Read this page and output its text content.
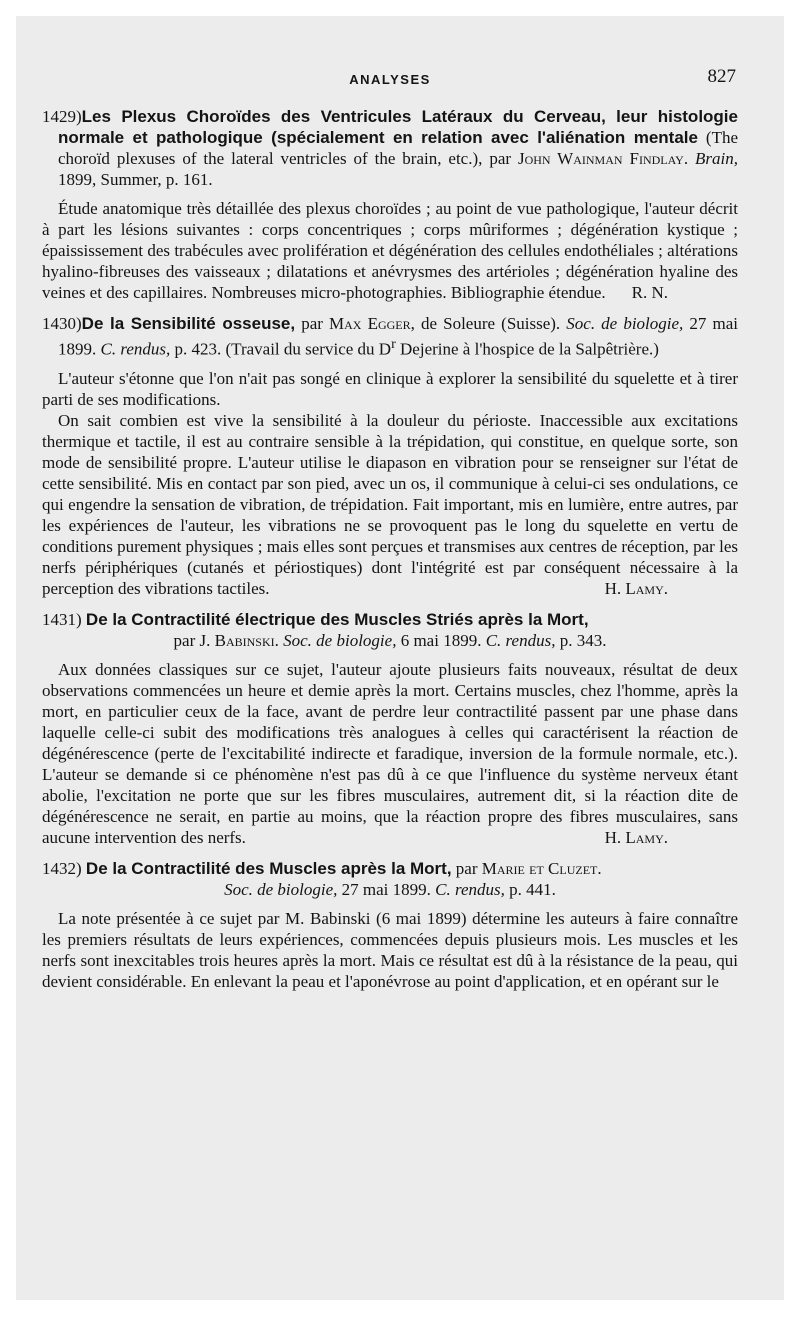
ANALYSES	827

1429)Les Plexus Choroïdes des Ventricules Latéraux du Cerveau, leur histologie normale et pathologique (spécialement en relation avec l'aliénation mentale (The choroïd plexuses of the lateral ventricles of the brain, etc.), par John Wainman Findlay. Brain, 1899, Summer, p. 161.

Étude anatomique très détaillée des plexus choroïdes ; au point de vue pathologique, l'auteur décrit à part les lésions suivantes : corps concentriques ; corps mûriformes ; dégénération kystique ; épaississement des trabécules avec prolifération et dégénération des cellules endothéliales ; altérations hyalino-fibreuses des vaisseaux ; dilatations et anévrysmes des artérioles ; dégénération hyaline des veines et des capillaires. Nombreuses micro-photographies. Bibliographie étendue.	R. N.

1430)De la Sensibilité osseuse, par Max Egger, de Soleure (Suisse). Soc. de biologie, 27 mai 1899. C. rendus, p. 423. (Travail du service du $D^r$ Dejerine à l'hospice de la Salpêtrière.)

L'auteur s'étonne que l'on n'ait pas songé en clinique à explorer la sensibilité du squelette et à tirer parti de ses modifications.

On sait combien est vive la sensibilité à la douleur du périoste. Inaccessible aux excitations thermique et tactile, il est au contraire sensible à la trépidation, qui constitue, en quelque sorte, son mode de sensibilité propre. L'auteur utilise le diapason en vibration pour se renseigner sur l'état de cette sensibilité. Mis en contact par son pied, avec un os, il communique à celui-ci ses ondulations, ce qui engendre la sensation de vibration, de trépidation. Fait important, mis en lumière, entre autres, par les expériences de l'auteur, les vibrations ne se provoquent pas le long du squelette en vertu de conditions purement physiques ; mais elles sont perçues et transmises aux centres de réception, par les nerfs périphériques (cutanés et périostiques) dont l'intégrité est par conséquent nécessaire à la perception des vibrations tactiles.	H. Lamy.

1431) De la Contractilité électrique des Muscles Striés après la Mort,

par J. Babinski. Soc. de biologie, 6 mai 1899. C. rendus, p. 343.

Aux données classiques sur ce sujet, l'auteur ajoute plusieurs faits nouveaux, résultat de deux observations commencées un heure et demie après la mort. Certains muscles, chez l'homme, après la mort, en particulier ceux de la face, avant de perdre leur contractilité passent par une phase dans laquelle celle-ci subit des modifications très analogues à celles qui caractérisent la réaction de dégénérescence (perte de l'excitabilité indirecte et faradique, inversion de la formule normale, etc.). L'auteur se demande si ce phénomène n'est pas dû à ce que l'influence du système nerveux étant abolie, l'excitation ne porte que sur les fibres musculaires, autrement dit, si la réaction dite de dégénérescence ne serait, en partie au moins, que la réaction propre des fibres musculaires, sans aucune intervention des nerfs.	H. Lamy.

1432) De la Contractilité des Muscles après la Mort, par Marie et Cluzet.

Soc. de biologie, 27 mai 1899. C. rendus, p. 441.

La note présentée à ce sujet par M. Babinski (6 mai 1899) détermine les auteurs à faire connaître les premiers résultats de leurs expériences, commencées depuis plusieurs mois. Les muscles et les nerfs sont inexcitables trois heures après la mort. Mais ce résultat est dû à la résistance de la peau, qui devient considérable. En enlevant la peau et l'aponévrose au point d'application, et en opérant sur le
